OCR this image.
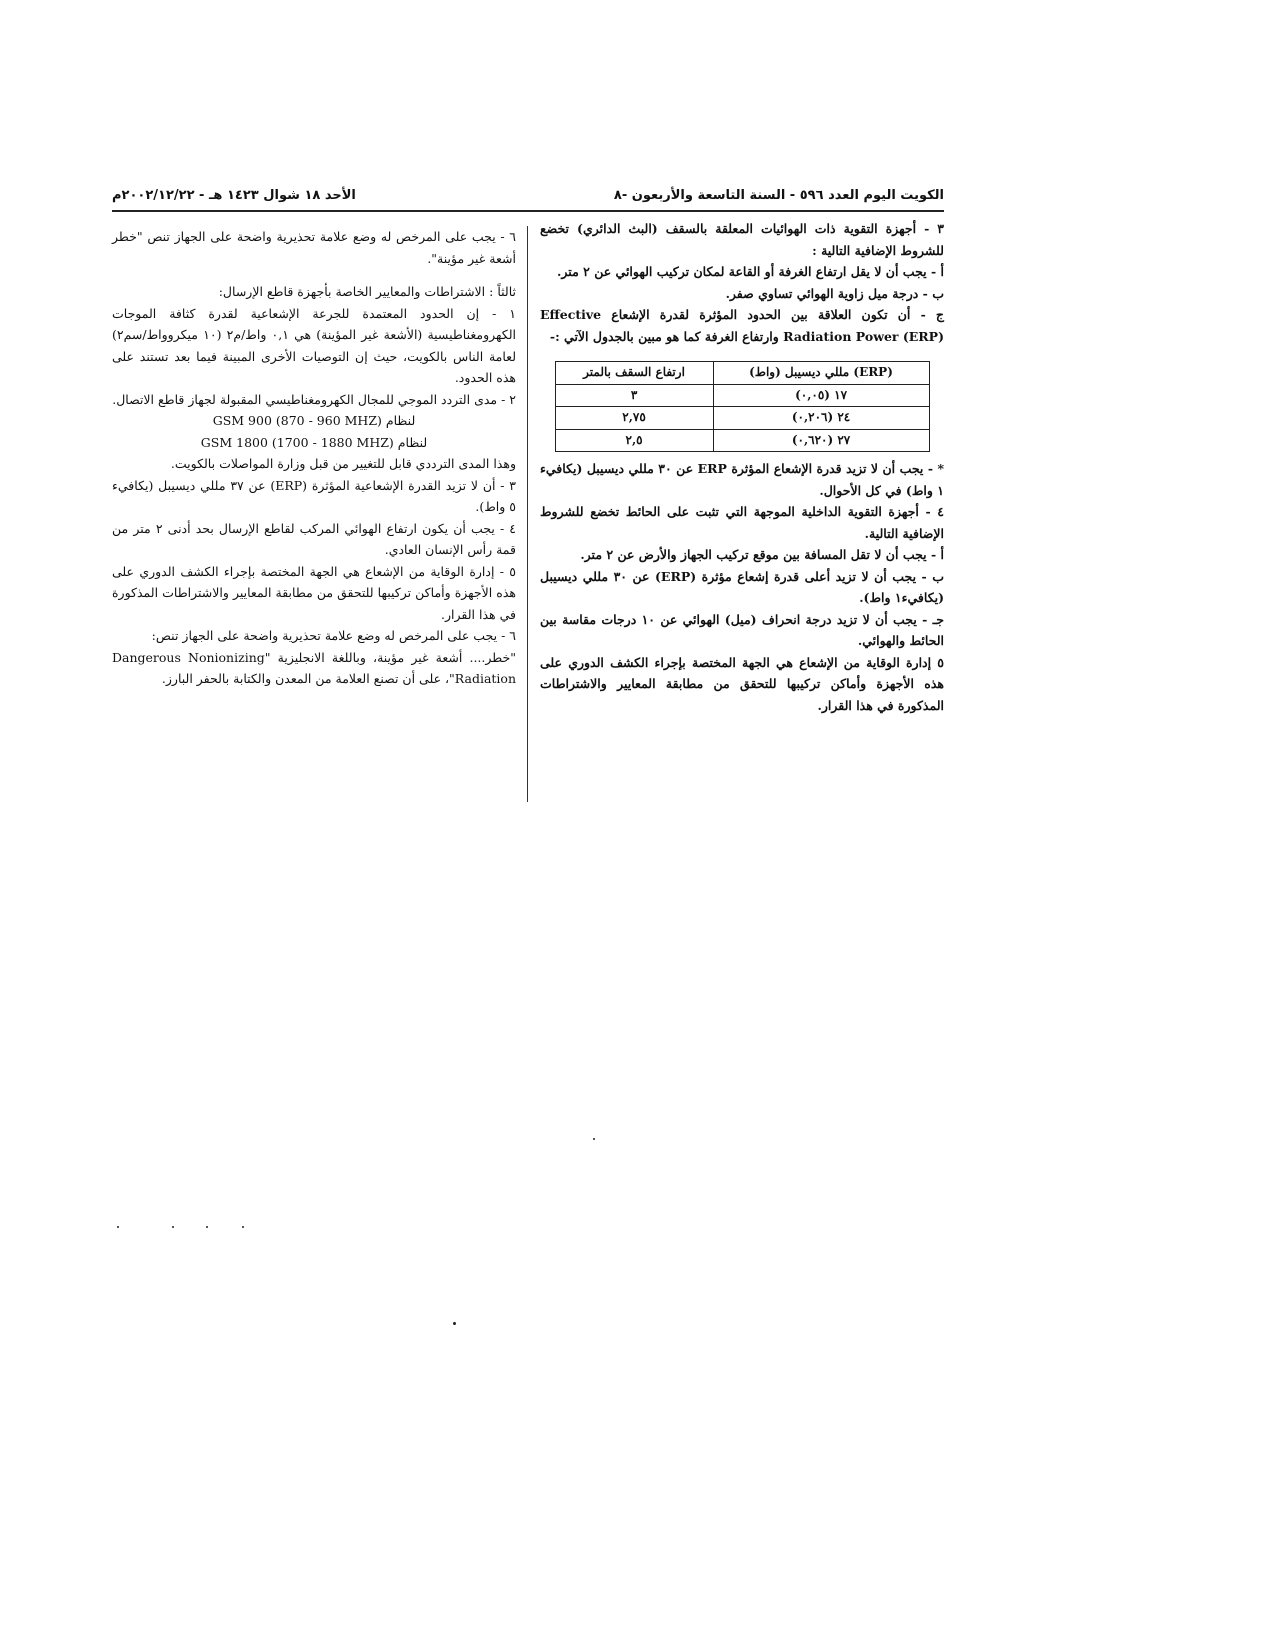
الكويت اليوم العدد ٥٩٦ - السنة التاسعة والأربعون -٨
الأحد ١٨ شوال ١٤٢٣ هـ - ٢٠٠٢/١٢/٢٢م

٣ - أجهزة التقوية ذات الهوائيات المعلقة بالسقف (البث الدائري) تخضع للشروط الإضافية التالية :

أ - يجب أن لا يقل ارتفاع الغرفة أو القاعة لمكان تركيب الهوائي عن ٢ متر.

ب - درجة ميل زاوية الهوائي تساوي صفر.

ج - أن تكون العلاقة بين الحدود المؤثرة لقدرة الإشعاع Effective Radiation Power (ERP) وارتفاع الغرفة كما هو مبين بالجدول الآتي :-

(ERP) مللي ديسيبل (واط)	ارتفاع السقف بالمتر
١٧ (٠,٠٥)	٣
٢٤ (٠,٢٠٦)	٢,٧٥
٢٧ (٠,٦٢٠)	٢,٥

* - يجب أن لا تزيد قدرة الإشعاع المؤثرة ERP عن ٣٠ مللي ديسيبل (يكافيء ١ واط) في كل الأحوال.

٤ - أجهزة التقوية الداخلية الموجهة التي تثبت على الحائط تخضع للشروط الإضافية التالية.

أ - يجب أن لا تقل المسافة بين موقع تركيب الجهاز والأرض عن ٢ متر.

ب - يجب أن لا تزيد أعلى قدرة إشعاع مؤثرة (ERP) عن ٣٠ مللي ديسيبل (يكافيء١ واط).

جـ - يجب أن لا تزيد درجة انحراف (ميل) الهوائي عن ١٠ درجات مقاسة بين الحائط والهوائي.

٥ إدارة الوقاية من الإشعاع هي الجهة المختصة بإجراء الكشف الدوري على هذه الأجهزة وأماكن تركيبها للتحقق من مطابقة المعايير والاشتراطات المذكورة في هذا القرار.

٦ - يجب على المرخص له وضع علامة تحذيرية واضحة على الجهاز تنص "خطر أشعة غير مؤينة".

ثالثاً : الاشتراطات والمعايير الخاصة بأجهزة قاطع الإرسال:

١ - إن الحدود المعتمدة للجرعة الإشعاعية لقدرة كثافة الموجات الكهرومغناطيسية (الأشعة غير المؤينة) هي ٠,١ واط/م٢ (١٠ ميكروواط/سم٢) لعامة الناس بالكويت، حيث إن التوصيات الأخرى المبينة فيما بعد تستند على هذه الحدود.

٢ - مدى التردد الموجي للمجال الكهرومغناطيسي المقبولة لجهاز قاطع الاتصال.

لنظام GSM 900 (870 - 960 MHZ)

لنظام GSM 1800 (1700 - 1880 MHZ)

وهذا المدى الترددي قابل للتغيير من قبل وزارة المواصلات بالكويت.

٣ - أن لا تزيد القدرة الإشعاعية المؤثرة (ERP) عن ٣٧ مللي ديسيبل (يكافيء ٥ واط).

٤ - يجب أن يكون ارتفاع الهوائي المركب لقاطع الإرسال بحد أدنى ٢ متر من قمة رأس الإنسان العادي.

٥ - إدارة الوقاية من الإشعاع هي الجهة المختصة بإجراء الكشف الدوري على هذه الأجهزة وأماكن تركيبها للتحقق من مطابقة المعايير والاشتراطات المذكورة في هذا القرار.

٦ - يجب على المرخص له وضع علامة تحذيرية واضحة على الجهاز تنص:

"خطر.... أشعة غير مؤينة، وباللغة الانجليزية "Dangerous Nonionizing Radiation"، على أن تصنع العلامة من المعدن والكتابة بالحفر البارز.
